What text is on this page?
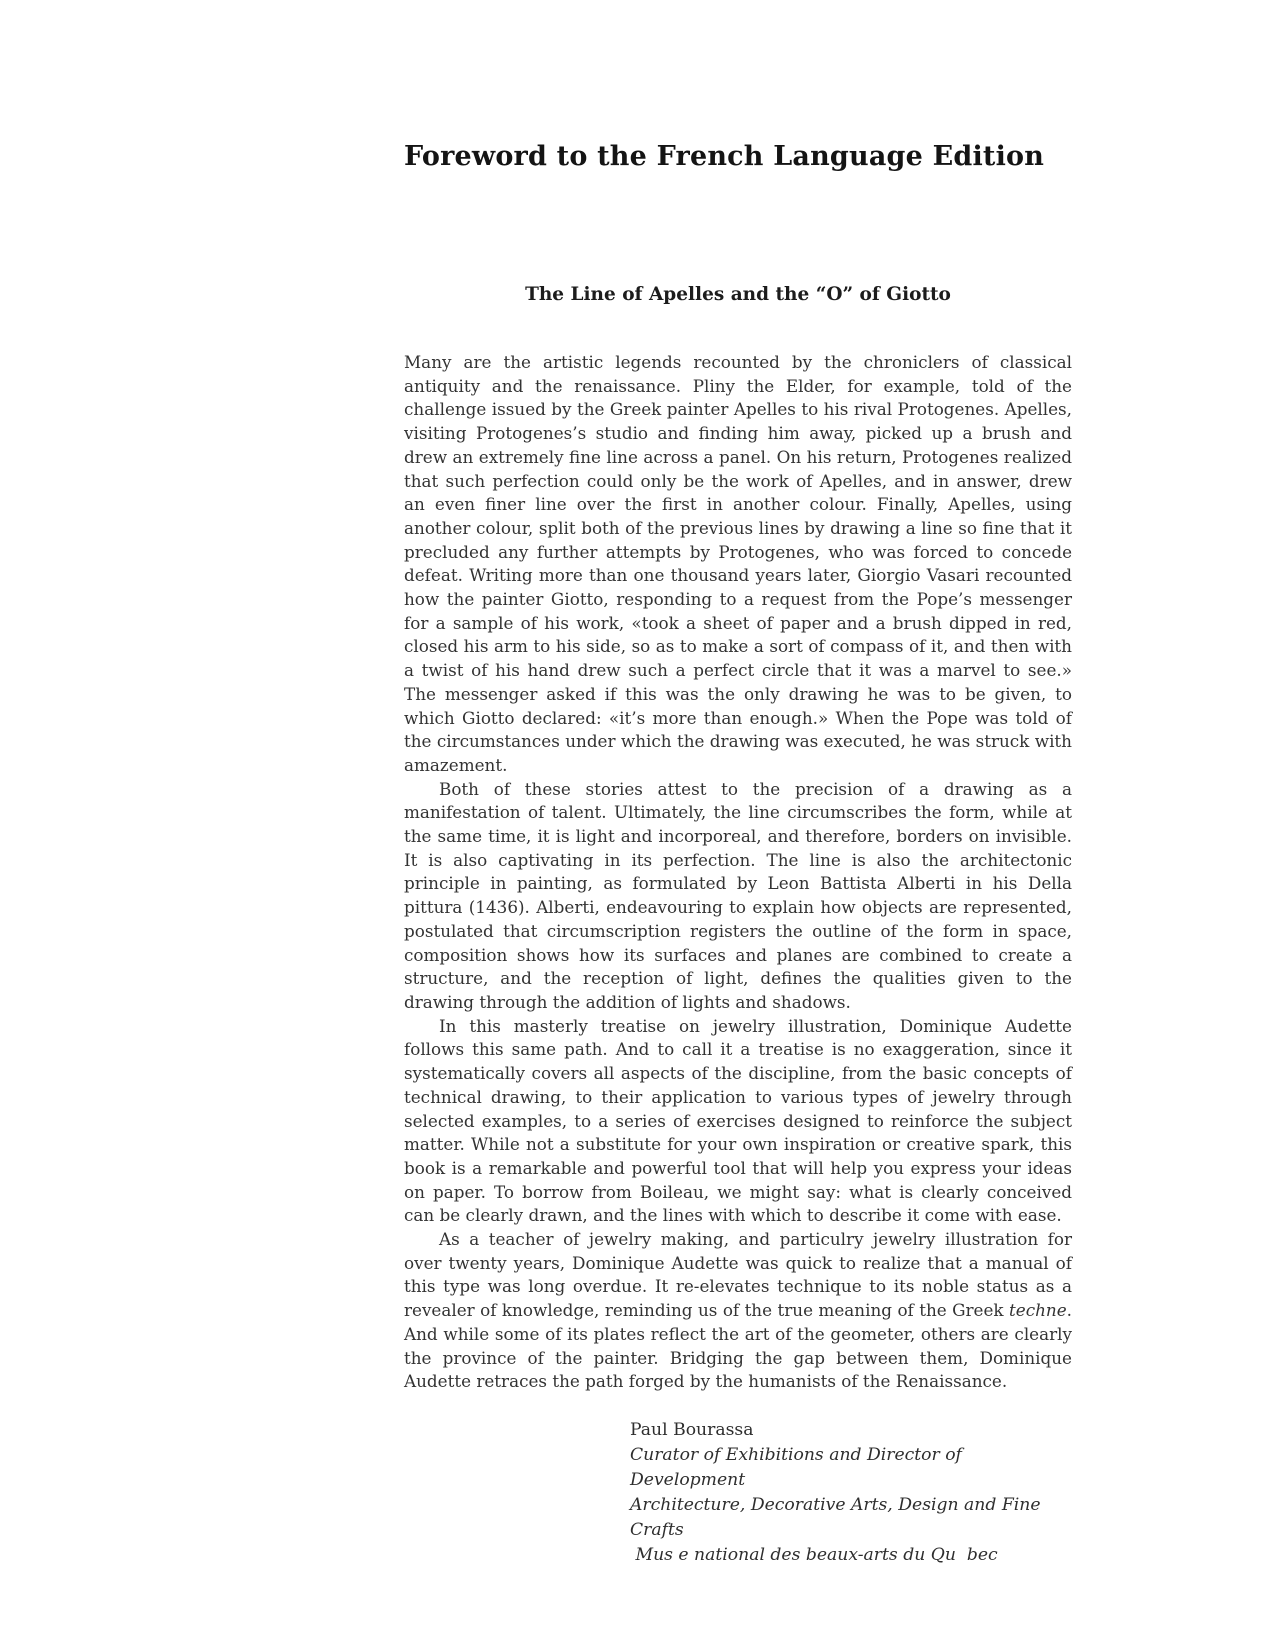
Foreword to the French Language Edition
The Line of Apelles and the “O” of Giotto

Many are the artistic legends recounted by the chroniclers of classical antiquity and the renaissance. Pliny the Elder, for example, told of the challenge issued by the Greek painter Apelles to his rival Protogenes. Apelles, visiting Protogenes’s studio and finding him away, picked up a brush and drew an extremely fine line across a panel. On his return, Protogenes realized that such perfection could only be the work of Apelles, and in answer, drew an even finer line over the first in another colour. Finally, Apelles, using another colour, split both of the previous lines by drawing a line so fine that it precluded any further attempts by Protogenes, who was forced to concede defeat. Writing more than one thousand years later, Giorgio Vasari recounted how the painter Giotto, responding to a request from the Pope’s messenger for a sample of his work, «took a sheet of paper and a brush dipped in red, closed his arm to his side, so as to make a sort of compass of it, and then with a twist of his hand drew such a perfect circle that it was a marvel to see.» The messenger asked if this was the only drawing he was to be given, to which Giotto declared: «it’s more than enough.» When the Pope was told of the circumstances under which the drawing was executed, he was struck with amazement.

Both of these stories attest to the precision of a drawing as a manifestation of talent. Ultimately, the line circumscribes the form, while at the same time, it is light and incorporeal, and therefore, borders on invisible. It is also captivating in its perfection. The line is also the architectonic principle in painting, as formulated by Leon Battista Alberti in his Della pittura (1436). Alberti, endeavouring to explain how objects are represented, postulated that circumscription registers the outline of the form in space, composition shows how its surfaces and planes are combined to create a structure, and the reception of light, defines the qualities given to the drawing through the addition of lights and shadows.

In this masterly treatise on jewelry illustration, Dominique Audette follows this same path. And to call it a treatise is no exaggeration, since it systematically covers all aspects of the discipline, from the basic concepts of technical drawing, to their application to various types of jewelry through selected examples, to a series of exercises designed to reinforce the subject matter. While not a substitute for your own inspiration or creative spark, this book is a remarkable and powerful tool that will help you express your ideas on paper. To borrow from Boileau, we might say: what is clearly conceived can be clearly drawn, and the lines with which to describe it come with ease.

As a teacher of jewelry making, and particulry jewelry illustration for over twenty years, Dominique Audette was quick to realize that a manual of this type was long overdue. It re-elevates technique to its noble status as a revealer of knowledge, reminding us of the true meaning of the Greek techne. And while some of its plates reflect the art of the geometer, others are clearly the province of the painter. Bridging the gap between them, Dominique Audette retraces the path forged by the humanists of the Renaissance.

Paul Bourassa

Curator of Exhibitions and Director of Development

Architecture, Decorative Arts, Design and Fine Crafts

Mus e national des beaux-arts du Qu  bec
